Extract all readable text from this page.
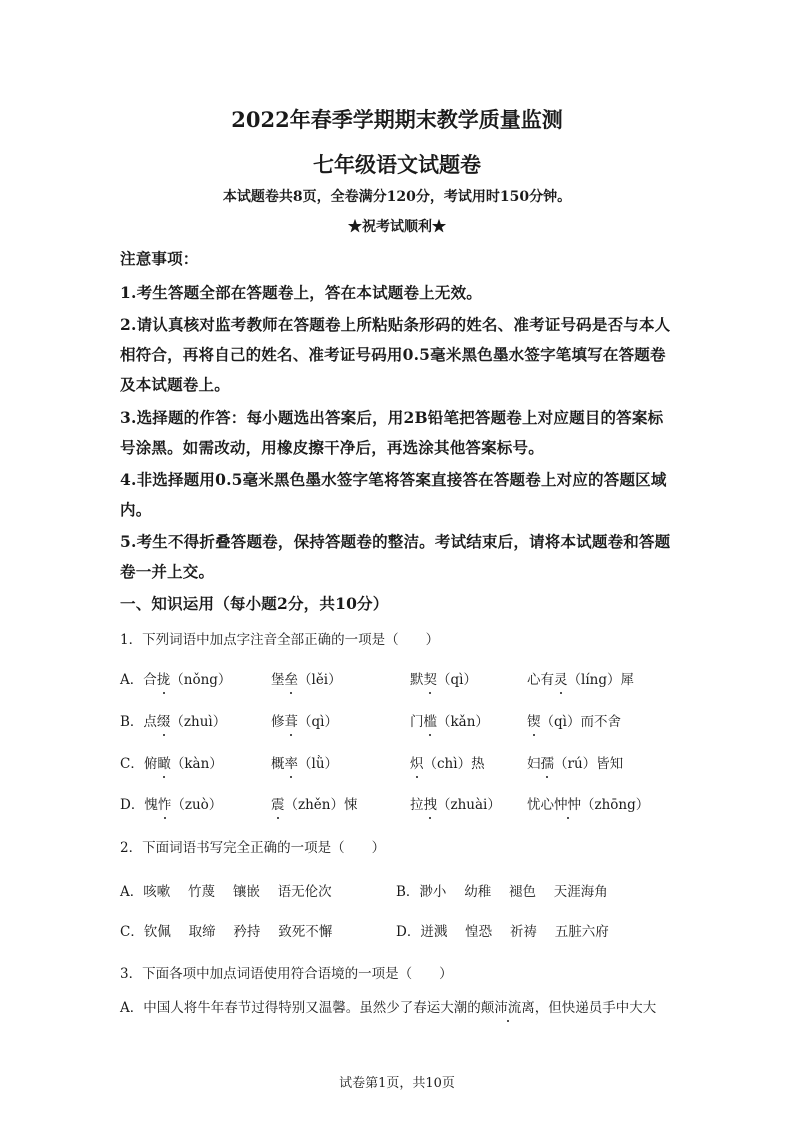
2022年春季学期期末教学质量监测
七年级语文试题卷
本试题卷共8页，全卷满分120分，考试用时150分钟。
★祝考试顺利★
注意事项：
1.考生答题全部在答题卷上，答在本试题卷上无效。
2.请认真核对监考教师在答题卷上所粘贴条形码的姓名、准考证号码是否与本人
相符合，再将自己的姓名、准考证号码用0.5毫米黑色墨水签字笔填写在答题卷
及本试题卷上。
3.选择题的作答：每小题选出答案后，用2B铅笔把答题卷上对应题目的答案标
号涂黑。如需改动，用橡皮擦干净后，再选涂其他答案标号。
4.非选择题用0.5毫米黑色墨水签字笔将答案直接答在答题卷上对应的答题区域
内。
5.考生不得折叠答题卷，保持答题卷的整洁。考试结束后，请将本试题卷和答题
卷一并上交。
一、知识运用（每小题2分，共10分）
1．下列词语中加点字注音全部正确的一项是（　　）
A．合拢（nǒng）	堡垒（lěi）	默契（qì）	心有灵（líng）犀
B．点缀（zhuì）	修葺（qì）	门槛（kǎn）	锲（qì）而不舍
C．俯瞰（kàn）	概率（lǜ）	炽（chì）热	妇孺（rú）皆知
D．愧怍（zuò）	震（zhěn）悚	拉拽（zhuài） 忧心忡忡（zhōng）
2．下面词语书写完全正确的一项是（　　）
A．咳嗽　 竹蔑　 镶嵌　 语无伦次	B．渺小　 幼稚　 褪色　 天涯海角
C．钦佩　 取缔　 矜持　 致死不懈	D．迸溅　 惶恐　 祈祷　 五脏六府
3．下面各项中加点词语使用符合语境的一项是（　　）
A．中国人将牛年春节过得特别又温馨。虽然少了春运大潮的颠沛流离，但快递员手中大大
试卷第1页，共10页
